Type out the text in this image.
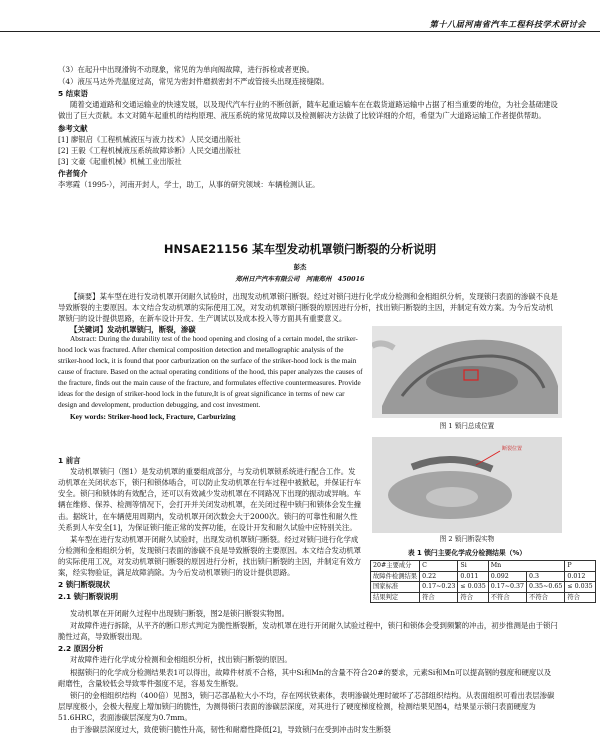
第十八届河南省汽车工程科技学术研讨会
（3）在起升中出现滑钩不动现象，常见的为单向阀故障，进行拆检或者更换。
（4）液压马达外壳温度过高，常见为密封件磨损密封不严或管接头出现连接缝隙。
5 结束语
随着交通道路和交通运输业的快速发展，以及现代汽车行业的不断创新，随车起重运输车在在载货道路运输中占据了相当重要的地位，为社会基础建设做出了巨大贡献。本文对随车起重机的结构原理、液压系统的常见故障以及检测解决方法做了比较详细的介绍，希望为广大道路运输工作者提供帮助。
参考文献
[1] 廖银启《工程机械液压与液力技术》人民交通出版社
[2] 王毅《工程机械液压系统故障诊断》人民交通出版社
[3] 文豪《起重机械》机械工业出版社
作者简介
李寒霞（1995-），河南开封人，学士，助工，从事的研究领域：车辆检测认证。
HNSAE21156 某车型发动机罩锁闩断裂的分析说明
彭杰
郑州日产汽车有限公司　河南郑州　450016
【摘要】某车型在进行发动机罩开闭耐久试验时，出现发动机罩锁闩断裂。经过对锁闩进行化学成分检测和金相组织分析，发现锁闩表面的渗碳不良是导致断裂的主要原因。本文结合发动机罩的实际使用工况，对发动机罩锁闩断裂的原因进行分析，找出锁闩断裂的主因，并制定有效方案。为今后发动机罩锁闩的设计提供思路，在新车设计开发、生产调试以及成本投入等方面具有重要意义。
【关键词】发动机罩锁闩，断裂，渗碳
Abstract: During the durability test of the hood opening and closing of a certain model, the striker-hood lock was fractured. After chemical composition detection and metallographic analysis of the striker-hood lock, it is found that poor carburization on the surface of the striker-hood lock is the main cause of fracture. Based on the actual operating conditions of the hood, this paper analyzes the causes of the fracture, finds out the main cause of the fracture, and formulates effective countermeasures. Provide ideas for the design of striker-hood lock in the future,It is of great significance in terms of new car design and development, production debugging, and cost investment.
Key words: Striker-hood lock, Fracture, Carburizing
1 前言
发动机罩锁闩（图1）是发动机罩的重要组成部分，与发动机罩锁系统进行配合工作。发动机罩在关闭状态下，锁闩和锁体啮合，可以防止发动机罩在行车过程中被掀起，并保证行车安全。锁闩和锁体的有效配合，还可以有效减少发动机罩在不同路况下出现的振动或异响。车辆在维修、保养、检测等情况下，会打开并关闭发动机罩，在关闭过程中锁闩和锁体会发生撞击。据统计，在车辆使用周期内，发动机罩开闭次数会大于2000次。锁闩的可靠性和耐久性关系到人车安全[1]，为保证锁闩能正常的发挥功能，在设计开发和耐久试验中应特别关注。
某车型在进行发动机罩开闭耐久试验时，出现发动机罩锁闩断裂。经过对锁闩进行化学成分检测和金相组织分析，发现锁闩表面的渗碳不良是导致断裂的主要原因。本文结合发动机罩的实际使用工况，对发动机罩锁闩断裂的原因进行分析，找出锁闩断裂的主因，并制定有效方案，经实物验证，满足故障消除。为今后发动机罩锁闩的设计提供思路。
2 锁闩断裂现状
2.1 锁闩断裂说明
发动机罩在开闭耐久过程中出现锁闩断裂，图2是锁闩断裂实物图。
对故障件进行拆除，从平齐的断口形式判定为脆性断裂断，发动机罩在进行开闭耐久试验过程中，锁闩和锁体会受到频繁的冲击，初步推测是由于锁闩脆性过高，导致断裂出现。
2.2 原因分析
对故障件进行化学成分检测和金相组织分析，找出锁闩断裂的原因。
根据锁闩的化学成分检测结果表1可以得出，故障件材质不合格，其中Si和Mn的含量不符合20#的要求，元素Si和Mn可以提高钢的强度和硬度以及耐磨性，含量较低会导致零件强度不足，容易发生断裂。
锁闩的金相组织结构（400倍）见图3，锁闩芯部晶粒大小不均，存在网状铁素体，表明渗碳处理时破坏了芯部组织结构。从表面组织可看出表层渗碳层厚度极小，会极大程度上增加锁闩的脆性，为测得锁闩表面的渗碳层深度，对其进行了硬度梯度检测，检测结果见图4，结果显示锁闩表面硬度为51.6HRC，表面渗碳层深度为0.7mm。
由于渗碳层深度过大，致使锁闩脆性升高，韧性和耐磨性降低[2]，导致锁闩在受到冲击时发生断裂
图 1 锁闩总成位置
断裂位置
图 2 锁闩断裂实物
表 1 锁闩主要化学成分检测结果（%）
20#主要成分	C	Si	Mn		P
故障件检测结果	0.22	0.011	0.092	0.3	0.012
国家标准	0.17~0.23	≤ 0.035	0.17~0.37	0.35~0.65	≤ 0.035
结果判定	符合	符合	不符合	不符合	符合
